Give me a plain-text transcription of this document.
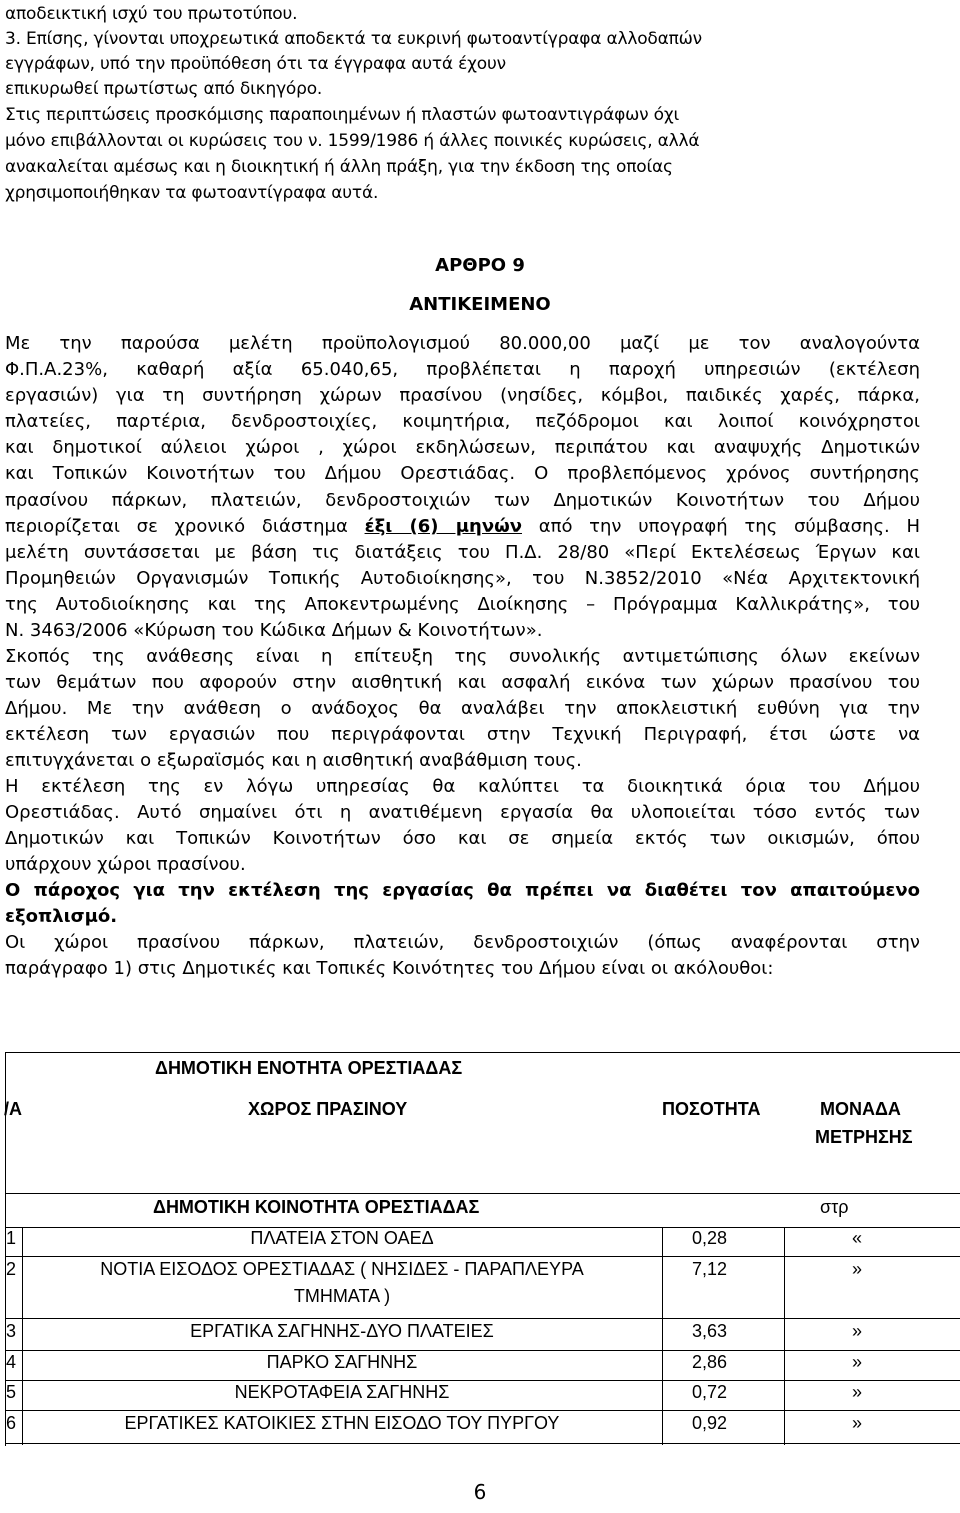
αποδεικτική ισχύ του πρωτοτύπου.
3. Επίσης, γίνονται υποχρεωτικά αποδεκτά τα ευκρινή φωτοαντίγραφα αλλοδαπών
εγγράφων, υπό την προϋπόθεση ότι τα έγγραφα αυτά έχουν
επικυρωθεί πρωτίστως από δικηγόρο.
Στις περιπτώσεις προσκόμισης παραποιημένων ή πλαστών φωτοαντιγράφων όχι
μόνο επιβάλλονται οι κυρώσεις του ν. 1599/1986 ή άλλες ποινικές κυρώσεις, αλλά
ανακαλείται αμέσως και η διοικητική ή άλλη πράξη, για την έκδοση της οποίας
χρησιμοποιήθηκαν τα φωτοαντίγραφα αυτά.
ΑΡΘΡΟ 9
ΑΝΤΙΚΕΙΜΕΝΟ
Με την παρούσα μελέτη προϋπολογισμού 80.000,00 μαζί με τον αναλογούντα
Φ.Π.Α.23%, καθαρή αξία 65.040,65, προβλέπεται η παροχή υπηρεσιών (εκτέλεση
εργασιών) για τη συντήρηση χώρων πρασίνου (νησίδες, κόμβοι, παιδικές χαρές, πάρκα,
πλατείες, παρτέρια, δενδροστοιχίες, κοιμητήρια, πεζόδρομοι και λοιποί κοινόχρηστοι
και δημοτικοί αύλειοι χώροι , χώροι εκδηλώσεων, περιπάτου και αναψυχής Δημοτικών
και Τοπικών Κοινοτήτων του Δήμου Ορεστιάδας. Ο προβλεπόμενος χρόνος συντήρησης
πρασίνου πάρκων, πλατειών, δενδροστοιχιών των Δημοτικών Κοινοτήτων του Δήμου
περιορίζεται σε χρονικό διάστημα έξι (6) μηνών από την υπογραφή της σύμβασης. Η
μελέτη συντάσσεται με βάση τις διατάξεις του Π.Δ. 28/80 «Περί Εκτελέσεως Έργων και
Προμηθειών Οργανισμών Τοπικής Αυτοδιοίκησης», του Ν.3852/2010 «Νέα Αρχιτεκτονική
της Αυτοδιοίκησης και της Αποκεντρωμένης Διοίκησης – Πρόγραμμα Καλλικράτης», του
Ν. 3463/2006 «Κύρωση του Κώδικα Δήμων & Κοινοτήτων».
Σκοπός της ανάθεσης είναι η επίτευξη της συνολικής αντιμετώπισης όλων εκείνων
των θεμάτων που αφορούν στην αισθητική και ασφαλή εικόνα των χώρων πρασίνου του
Δήμου. Με την ανάθεση ο ανάδοχος θα αναλάβει την αποκλειστική ευθύνη για την
εκτέλεση των εργασιών που περιγράφονται στην Τεχνική Περιγραφή, έτσι ώστε να
επιτυγχάνεται ο εξωραϊσμός και η αισθητική αναβάθμιση τους.
Η εκτέλεση της εν λόγω υπηρεσίας θα καλύπτει τα διοικητικά όρια του Δήμου
Ορεστιάδας. Αυτό σημαίνει ότι η ανατιθέμενη εργασία θα υλοποιείται τόσο εντός των
Δημοτικών και Τοπικών Κοινοτήτων όσο και σε σημεία εκτός των οικισμών, όπου
υπάρχουν χώροι πρασίνου.
Ο πάροχος για την εκτέλεση της εργασίας θα πρέπει να διαθέτει τον απαιτούμενο
εξοπλισμό.
Οι χώροι πρασίνου πάρκων, πλατειών, δενδροστοιχιών (όπως αναφέρονται στην
παράγραφο 1) στις Δημοτικές και Τοπικές Κοινότητες του Δήμου είναι οι ακόλουθοι:
ΔΗΜΟΤΙΚΗ ΕΝΟΤΗΤΑ ΟΡΕΣΤΙΑΔΑΣ
/Α	ΧΩΡΟΣ ΠΡΑΣΙΝΟΥ	ΠΟΣΟΤΗΤΑ	ΜΟΝΑΔΑ
ΜΕΤΡΗΣΗΣ
ΔΗΜΟΤΙΚΗ ΚΟΙΝΟΤΗΤΑ ΟΡΕΣΤΙΑΔΑΣ	στρ
1	ΠΛΑΤΕΙΑ ΣΤΟΝ ΟΑΕΔ	0,28	«
2	ΝΟΤΙΑ ΕΙΣΟΔΟΣ ΟΡΕΣΤΙΑΔΑΣ ( ΝΗΣΙΔΕΣ - ΠΑΡΑΠΛΕΥΡΑ
ΤΜΗΜΑΤΑ )
7,12	»
3	ΕΡΓΑΤΙΚΑ ΣΑΓΗΝΗΣ-ΔΥΟ ΠΛΑΤΕΙΕΣ	3,63	»
4	ΠΑΡΚΟ ΣΑΓΗΝΗΣ	2,86	»
5	ΝΕΚΡΟΤΑΦΕΙΑ ΣΑΓΗΝΗΣ	0,72	»
6	ΕΡΓΑΤΙΚΕΣ ΚΑΤΟΙΚΙΕΣ ΣΤΗΝ ΕΙΣΟΔΟ ΤΟΥ ΠΥΡΓΟΥ	0,92	»
6
